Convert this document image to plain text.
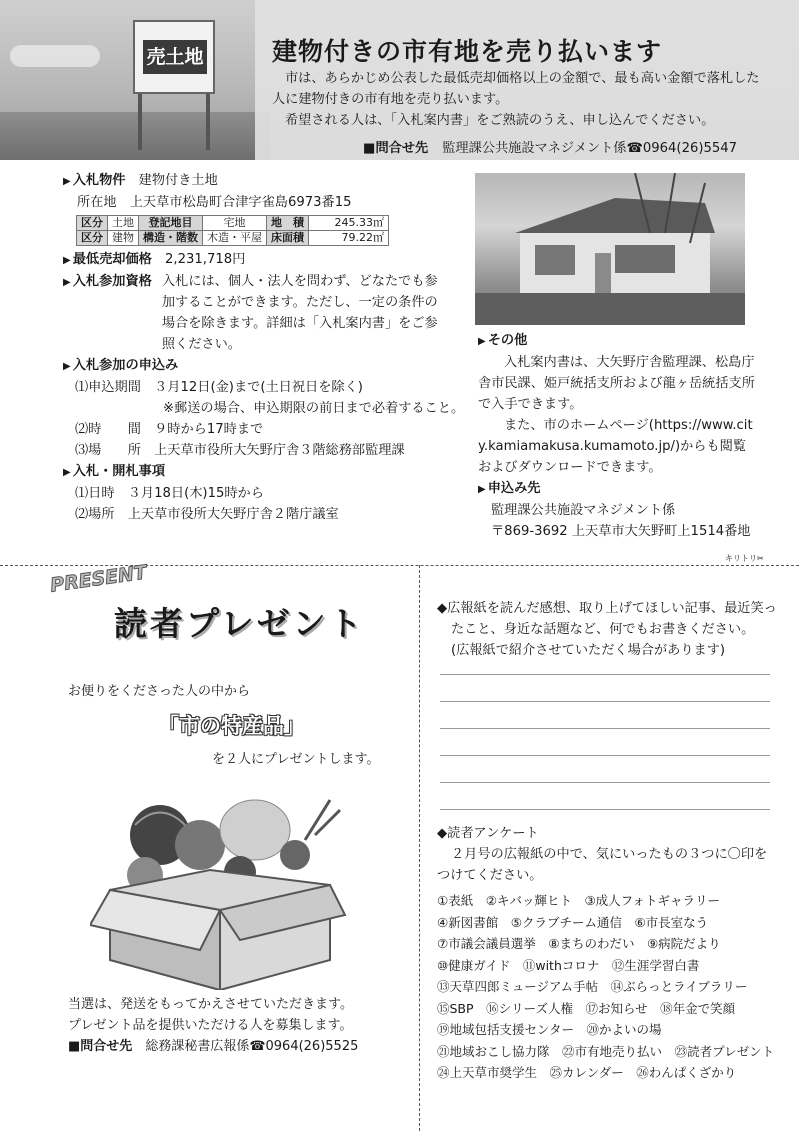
売土地	建物付きの市有地を売り払います
市は、あらかじめ公表した最低売却価格以上の金額で、最も高い金額で落札した人に建物付きの市有地を売り払います。
希望される人は、「入札案内書」をご熟読のうえ、申し込んでください。
■問合せ先 監理課公共施設マネジメント係☎0964(26)5547
▶ 入札物件　 建物付き土地
所在地　 上天草市松島町合津字雀島6973番15
区分	土地	登記地目	宅地	地　積	245.33㎡
区分	建物	構造・階数	木造・平屋	床面積	79.22㎡
▶ 最低売却価格　 2,231,718円
▶ 入札参加資格 入札には、個人・法人を問わず、どなたでも参加することができます。ただし、一定の条件の場合を除きます。詳細は「入札案内書」をご参照ください。
▶ 入札参加の申込み
⑴申込期間　３月12日(金)まで(土日祝日を除く)
※郵送の場合、申込期限の前日まで必着すること。
⑵時　　間　９時から17時まで
⑶場　　所　上天草市役所大矢野庁舎３階総務部監理課
▶ 入札・開札事項
⑴日時　３月18日(木)15時から
⑵場所　上天草市役所大矢野庁舎２階庁議室
▶ その他
入札案内書は、大矢野庁舎監理課、松島庁舎市民課、姫戸統括支所および龍ヶ岳統括支所で入手できます。
また、市のホームページ(https://www.city.kamiamakusa.kumamoto.jp/)からも閲覧およびダウンロードできます。
▶ 申込み先
監理課公共施設マネジメント係
〒869-3692 上天草市大矢野町上1514番地
キリトリ✂
PRESENT
読者プレゼント
お便りをくださった人の中から
「市の特産品」
を２人にプレゼントします。
当選は、発送をもってかえさせていただきます。
プレゼント品を提供いただける人を募集します。
■問合せ先　 総務課秘書広報係☎0964(26)5525
◆広報紙を読んだ感想、取り上げてほしい記事、最近笑ったこと、身近な話題など、何でもお書きください。
(広報紙で紹介させていただく場合があります)
◆読者アンケート
２月号の広報紙の中で、気にいったもの３つに〇印をつけてください。
①表紙　 ②キバッ輝ヒト　 ③成人フォトギャラリー　④新図書館　 ⑤クラブチーム通信　 ⑥市長室なう　⑦市議会議員選挙　 ⑧まちのわだい　 ⑨病院だより　⑩健康ガイド　 ⑪withコロナ　 ⑫生涯学習白書　⑬天草四郎ミュージアム手帖　 ⑭ぶらっとライブラリー　⑮SBP　 ⑯シリーズ人権　 ⑰お知らせ　 ⑱年金で笑顔　⑲地域包括支援センター　 ⑳かよいの場　㉑地域おこし協力隊　 ㉒市有地売り払い　 ㉓読者プレゼント　㉔上天草市奨学生　 ㉕カレンダー　 ㉖わんぱくざかり　
